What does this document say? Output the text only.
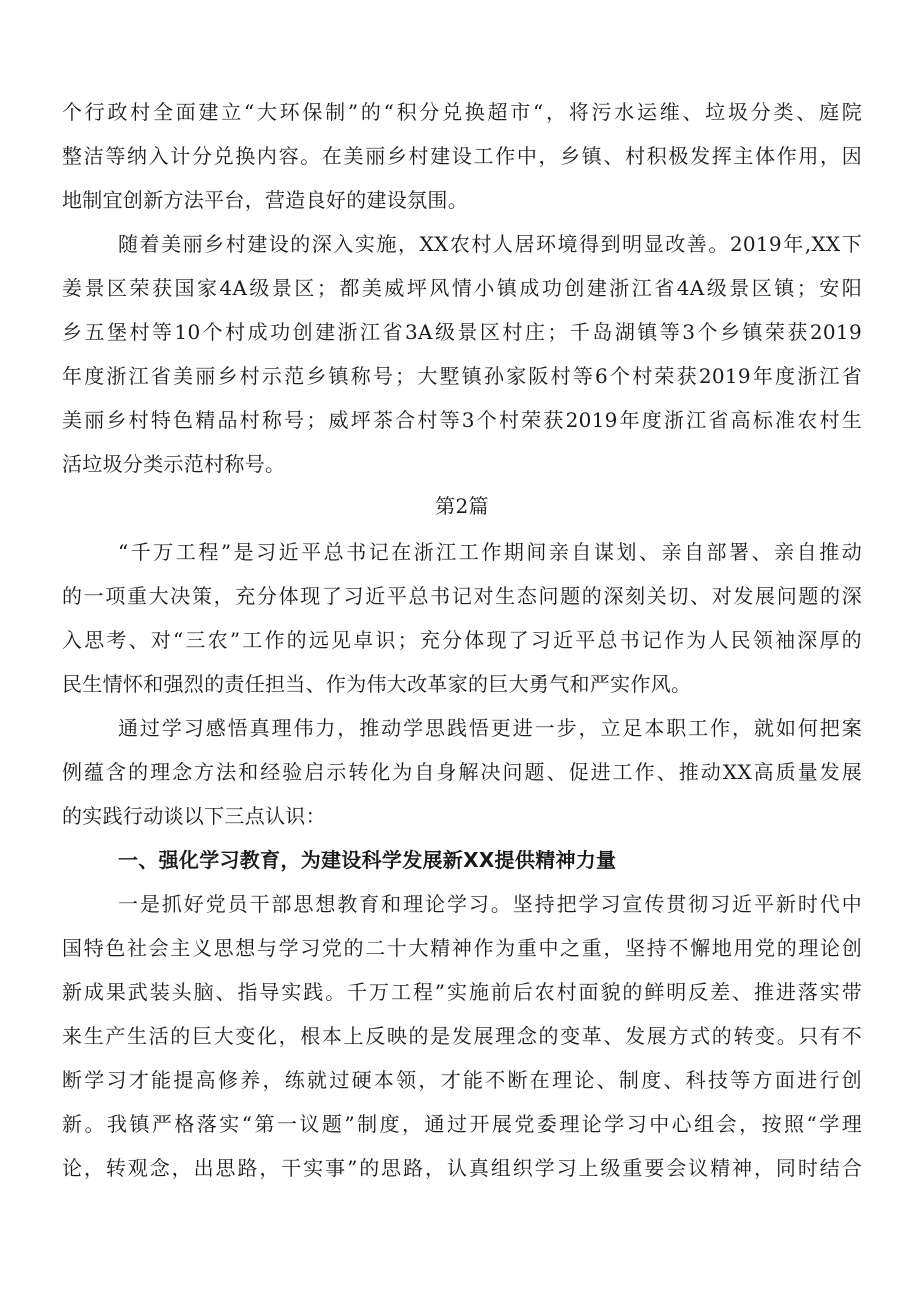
个行政村全面建立“大环保制”的“积分兑换超市“，将污水运维、垃圾分类、庭院
整洁等纳入计分兑换内容。在美丽乡村建设工作中，乡镇、村积极发挥主体作用，因
地制宜创新方法平台，营造良好的建设氛围。
随着美丽乡村建设的深入实施，XX农村人居环境得到明显改善。2019年,XX下
姜景区荣获国家4A级景区；都美威坪风情小镇成功创建浙江省4A级景区镇；安阳
乡五堡村等10个村成功创建浙江省3A级景区村庄；千岛湖镇等3个乡镇荣获2019
年度浙江省美丽乡村示范乡镇称号；大墅镇孙家阪村等6个村荣获2019年度浙江省
美丽乡村特色精品村称号；威坪茶合村等3个村荣获2019年度浙江省高标准农村生
活垃圾分类示范村称号。
第2篇
“千万工程”是习近平总书记在浙江工作期间亲自谋划、亲自部署、亲自推动
的一项重大决策，充分体现了习近平总书记对生态问题的深刻关切、对发展问题的深
入思考、对“三农”工作的远见卓识；充分体现了习近平总书记作为人民领袖深厚的
民生情怀和强烈的责任担当、作为伟大改革家的巨大勇气和严实作风。
通过学习感悟真理伟力，推动学思践悟更进一步，立足本职工作，就如何把案
例蕴含的理念方法和经验启示转化为自身解决问题、促进工作、推动XX高质量发展
的实践行动谈以下三点认识：
一、强化学习教育，为建设科学发展新XX提供精神力量
一是抓好党员干部思想教育和理论学习。坚持把学习宣传贯彻习近平新时代中
国特色社会主义思想与学习党的二十大精神作为重中之重，坚持不懈地用党的理论创
新成果武装头脑、指导实践。千万工程”实施前后农村面貌的鲜明反差、推进落实带
来生产生活的巨大变化，根本上反映的是发展理念的变革、发展方式的转变。只有不
断学习才能提高修养，练就过硬本领，才能不断在理论、制度、科技等方面进行创
新。我镇严格落实“第一议题”制度，通过开展党委理论学习中心组会，按照“学理
论，转观念，出思路，干实事”的思路，认真组织学习上级重要会议精神，同时结合
